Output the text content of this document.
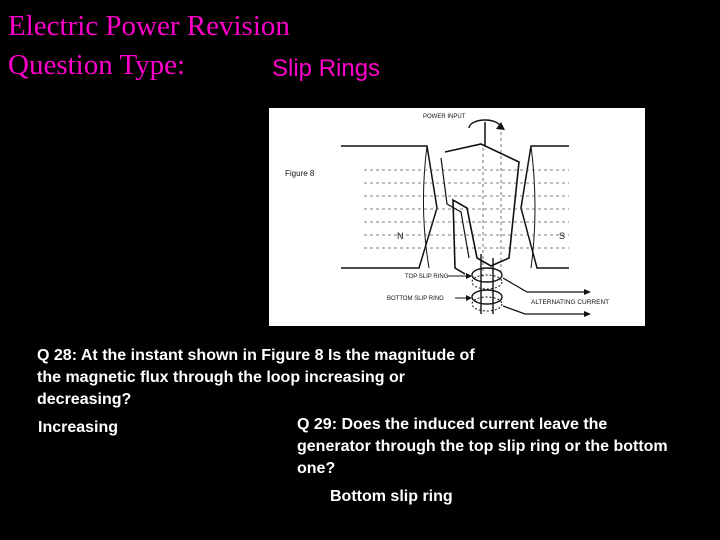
Electric Power Revision
Question Type:	Slip Rings
POWER INPUT
Figure 8
N	S
TOP SLIP RING
BOTTOM SLIP RING	ALTERNATING CURRENT
Q 28: At the instant shown in Figure 8 Is the magnitude of the magnetic flux through the loop increasing or decreasing?
Increasing	Q 29: Does the induced current leave the generator through the top slip ring or the bottom one?
Bottom slip ring
